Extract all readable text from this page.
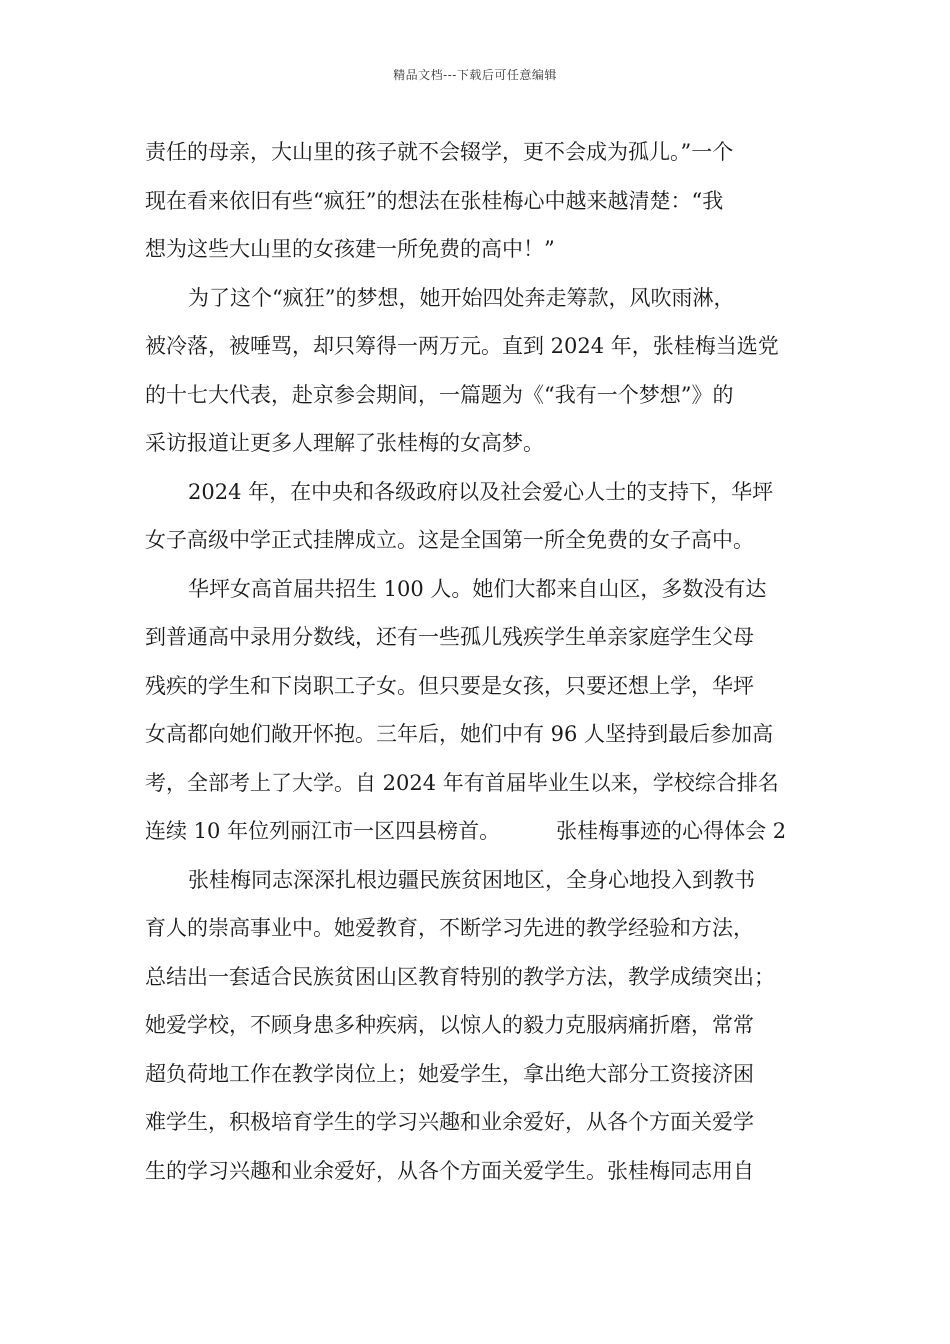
精品文档---下载后可任意编辑
责任的母亲，大山里的孩子就不会辍学，更不会成为孤儿。”一个
现在看来依旧有些“疯狂”的想法在张桂梅心中越来越清楚：“我
想为这些大山里的女孩建一所免费的高中！”
为了这个“疯狂”的梦想，她开始四处奔走筹款，风吹雨淋，
被冷落，被唾骂，却只筹得一两万元。直到 2024 年，张桂梅当选党
的十七大代表，赴京参会期间，一篇题为《“我有一个梦想”》的
采访报道让更多人理解了张桂梅的女高梦。
2024 年，在中央和各级政府以及社会爱心人士的支持下，华坪
女子高级中学正式挂牌成立。这是全国第一所全免费的女子高中。
华坪女高首届共招生 100 人。她们大都来自山区，多数没有达
到普通高中录用分数线，还有一些孤儿残疾学生单亲家庭学生父母
残疾的学生和下岗职工子女。但只要是女孩，只要还想上学，华坪
女高都向她们敞开怀抱。三年后，她们中有 96 人坚持到最后参加高
考，全部考上了大学。自 2024 年有首届毕业生以来，学校综合排名
连续 10 年位列丽江市一区四县榜首。	张桂梅事迹的心得体会 2
张桂梅同志深深扎根边疆民族贫困地区，全身心地投入到教书
育人的崇高事业中。她爱教育，不断学习先进的教学经验和方法，
总结出一套适合民族贫困山区教育特别的教学方法，教学成绩突出；
她爱学校，不顾身患多种疾病，以惊人的毅力克服病痛折磨，常常
超负荷地工作在教学岗位上；她爱学生，拿出绝大部分工资接济困
难学生，积极培育学生的学习兴趣和业余爱好，从各个方面关爱学
生的学习兴趣和业余爱好，从各个方面关爱学生。张桂梅同志用自
